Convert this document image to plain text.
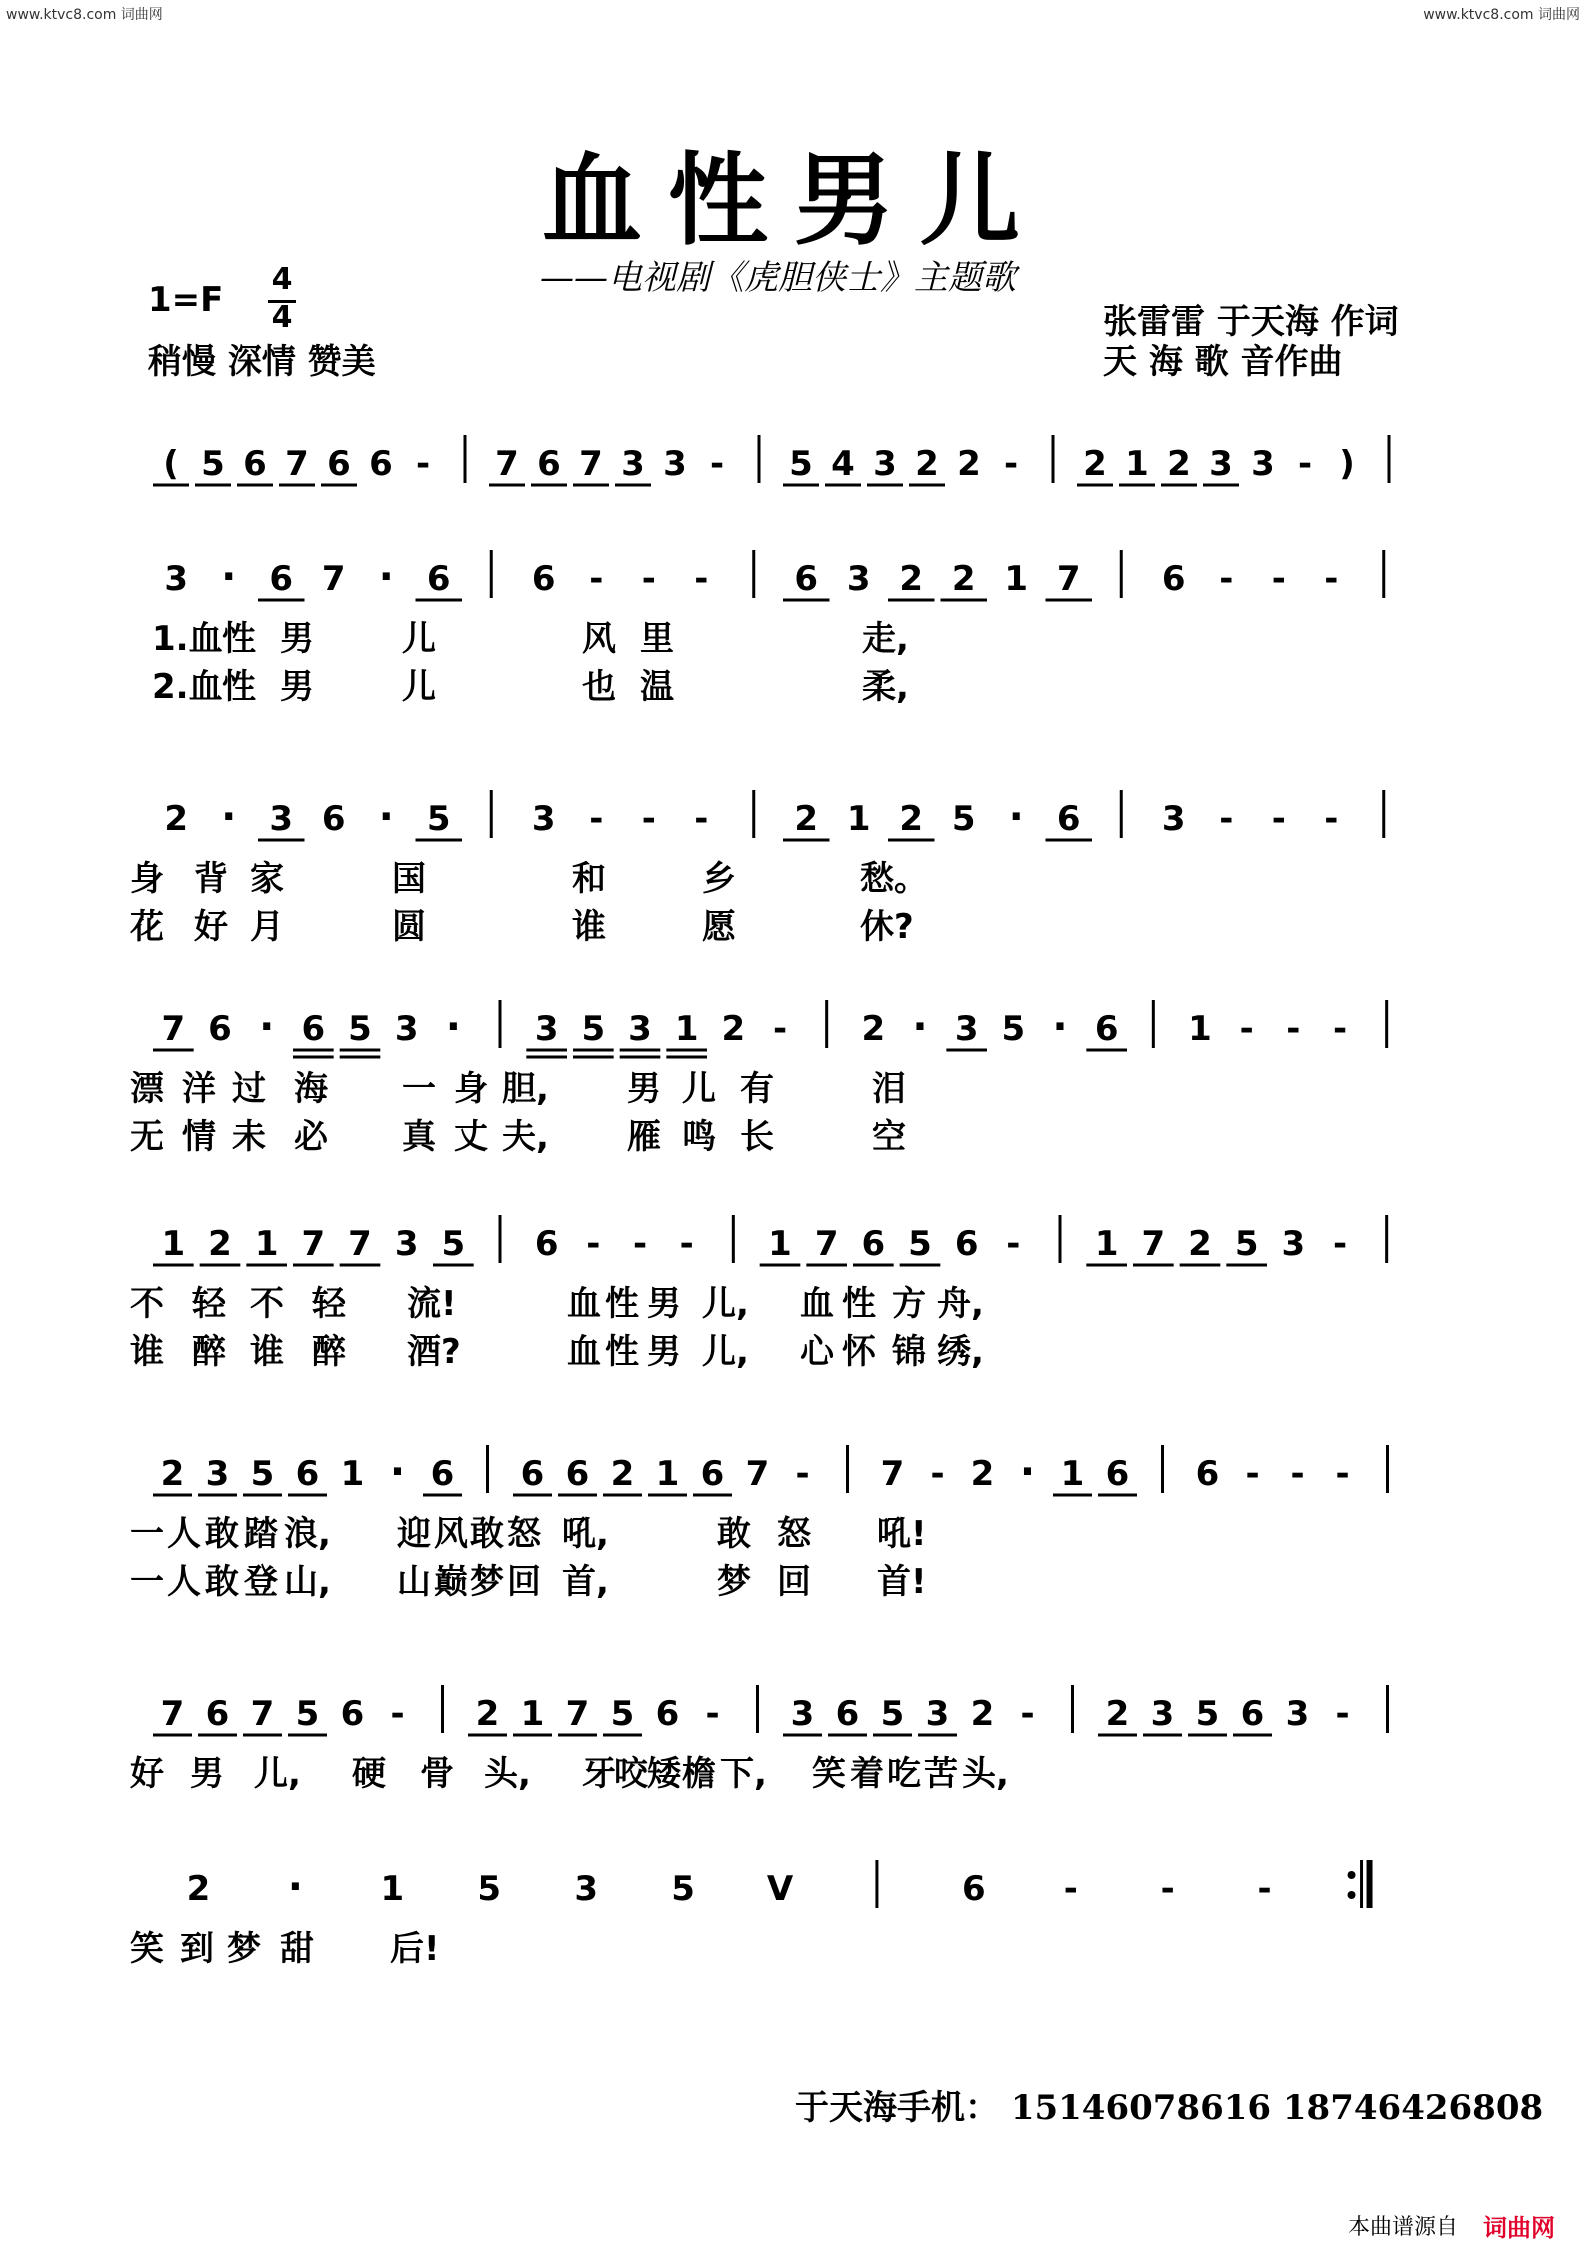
www.ktvc8.com 词曲网	www.ktvc8.com 词曲网
血性男儿
——电视剧《虎胆侠士》主题歌
1=F
4
4
稍慢 深情 赞美
张雷雷 于天海 作词
天 海 歌 音作曲
( 5 6 7 6 6 - 7 6 7 3 3 - 5 4 3 2 2 - 2 1 2 3 3 - )
3 · 6 7 · 6 6 - - -	6 3 2 2 1 7 6 - - -
1.血 性 男	儿	风 里	走,
2.血 性 男	儿	也 温	柔,
2 · 3 6 · 5 3 - - -	2 1 2 5 · 6 3 - - -
身 背 家	国	和	乡	愁。
花 好 月	圆	谁	愿	休?
7 6 · 6 5 3 · 3 5 3 1 2 - 2 · 3 5 · 6 1 - - -
漂 洋 过 海 一 身 胆, 男 儿 有	泪
无 情 未 必 真 丈 夫, 雁 鸣 长	空
1 2 1 7 7 3 5 6 - - - 1 7 6 5 6 - 1 7 2 5 3 -
不 轻 不 轻 流!	血 性 男 儿, 血 性 方 舟,
谁 醉 谁 醉 酒?	血 性 男 儿, 心 怀 锦 绣,
2 3 5 6 1 · 6 6 6 2 1 6 7 - 7 - 2 · 1 6 6 - - -
一 人 敢 踏 浪, 迎 风 敢 怒 吼,	敢 怒 吼!
一 人 敢 登 山, 山 巅 梦 回 首,	梦 回 首!
7 6 7 5 6 - 2 1 7 5 6 - 3 6 5 3 2 - 2 3 5 6 3 -
好 男 儿, 硬 骨 头, 牙
咬 矮 檐 下, 笑 着 吃 苦 头,
2 · 1 5 3 5 V	6 - - -
笑 到 梦 甜 后!
于天海手机： 15146078616 18746426808
本曲谱源自 词曲网
